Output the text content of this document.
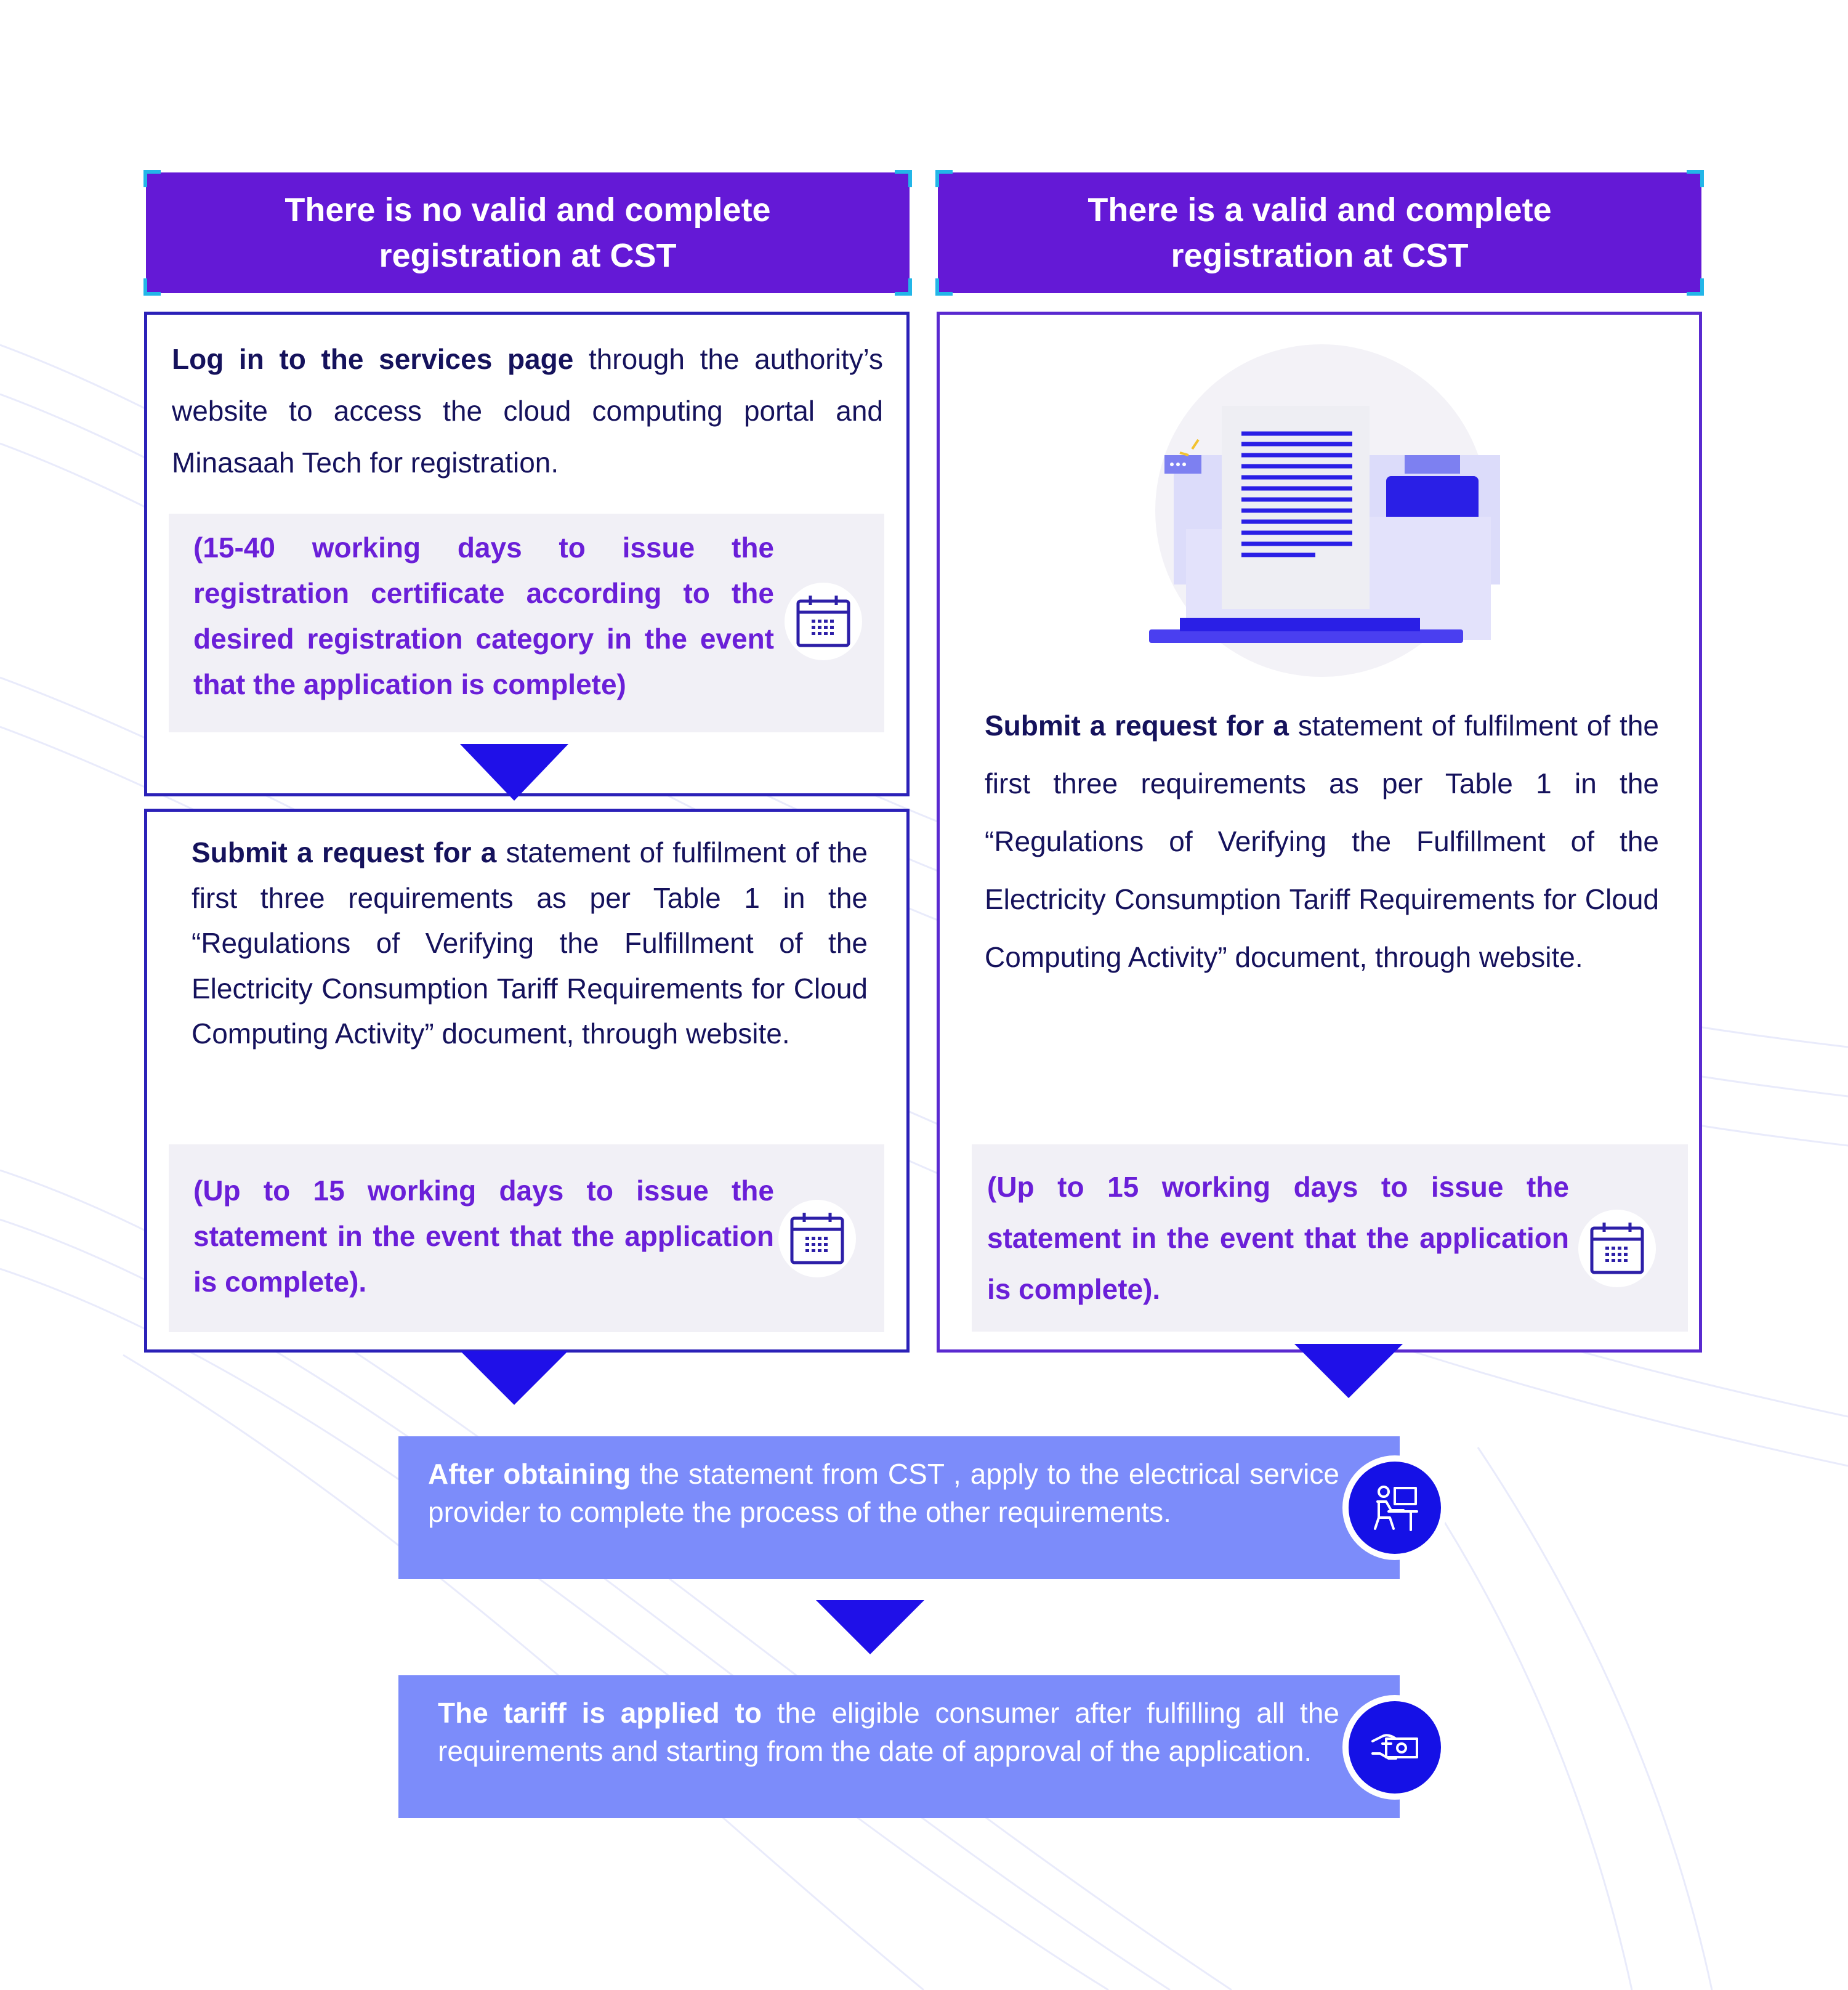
There is no valid and complete
registration at CST
There is a valid and complete
registration at CST
Log in to the services page through the authority’s website to access the cloud computing portal and Minasaah Tech for registration.
(15-40 working days to issue the registration certificate according to the desired registration category in the event that the application is complete)
Submit a request for a statement of fulfilment of the first three requirements as per Table 1 in the “Regulations of Verifying the Fulfillment of the Electricity Consumption Tariff Requirements for Cloud Computing Activity” document, through website.
(Up to 15 working days to issue the statement in the event that the application is complete).
Submit a request for a statement of fulfilment of the first three requirements as per Table 1 in the “Regulations of Verifying the Fulfillment of the Electricity Consumption Tariff Requirements for Cloud Computing Activity” document, through website.
(Up to 15 working days to issue the statement in the event that the application is complete).
After obtaining the statement from CST , apply to the electrical service provider to complete the process of the other requirements.
The tariff is applied to the eligible consumer after fulfilling all the requirements and starting from the date of approval of the application.
